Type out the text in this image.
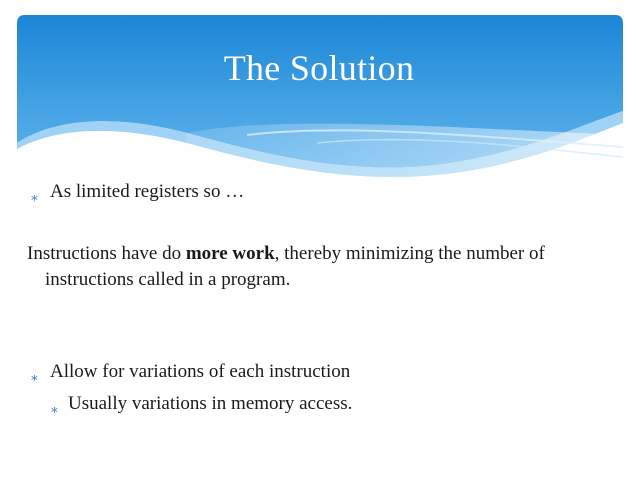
The Solution
∗ As limited registers so …
Instructions have do more work, thereby minimizing the number of
instructions called in a program.
∗ Allow for variations of each instruction
∗ Usually variations in memory access.
